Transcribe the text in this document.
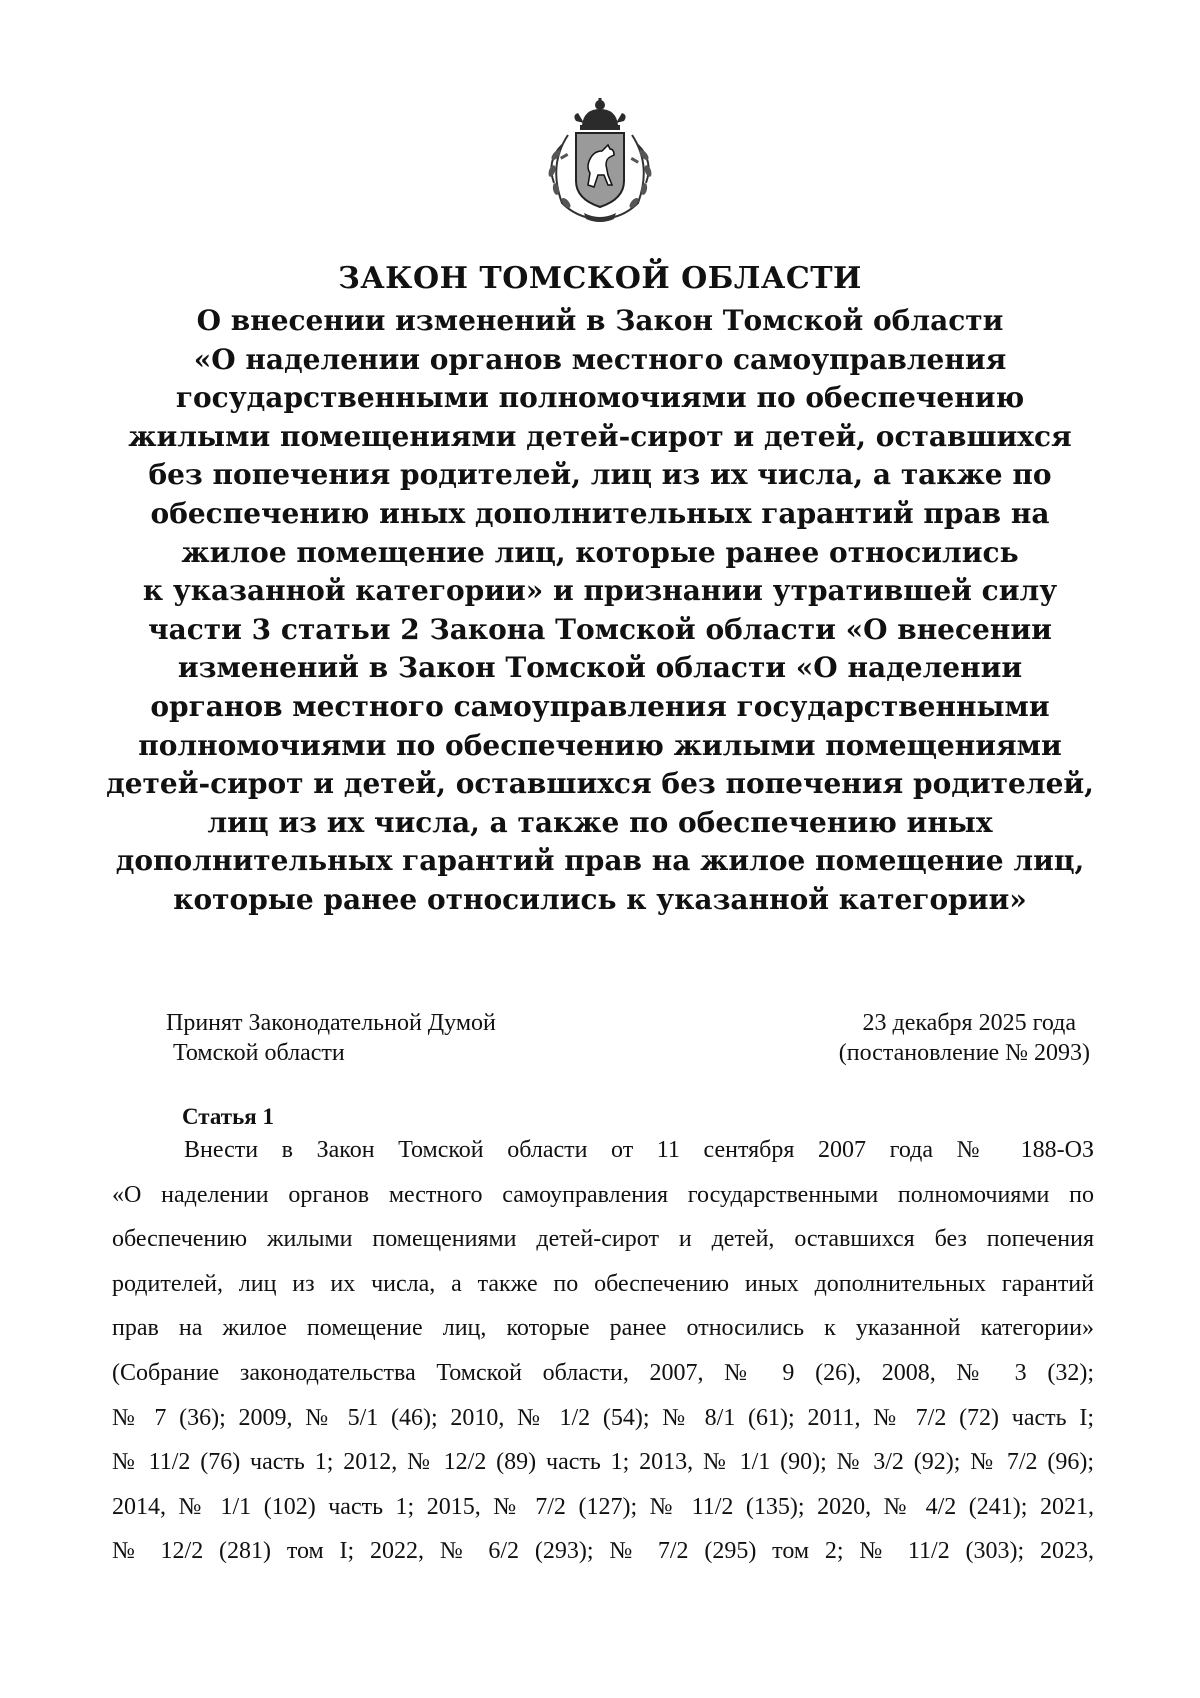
ЗАКОН ТОМСКОЙ ОБЛАСТИ

О внесении изменений в Закон Томской области
«О наделении органов местного самоуправления
государственными полномочиями по обеспечению
жилыми помещениями детей-сирот и детей, оставшихся
без попечения родителей, лиц из их числа, а также по
обеспечению иных дополнительных гарантий прав на
жилое помещение лиц, которые ранее относились
к указанной категории» и признании утратившей силу
части 3 статьи 2 Закона Томской области «О внесении
изменений в Закон Томской области «О наделении
органов местного самоуправления государственными
полномочиями по обеспечению жилыми помещениями
детей-сирот и детей, оставшихся без попечения родителей,
лиц из их числа, а также по обеспечению иных
дополнительных гарантий прав на жилое помещение лиц,
которые ранее относились к указанной категории»

Принят Законодательной Думой
Томской области
23 декабря 2025 года
(постановление № 2093)
Статья 1
Внести в Закон Томской области от 11 сентября 2007 года № 188-ОЗ
«О наделении органов местного самоуправления государственными полномочиями по
обеспечению жилыми помещениями детей-сирот и детей, оставшихся без попечения
родителей, лиц из их числа, а также по обеспечению иных дополнительных гарантий
прав на жилое помещение лиц, которые ранее относились к указанной категории»
(Собрание законодательства Томской области, 2007, № 9 (26), 2008, № 3 (32);
№ 7 (36); 2009, № 5/1 (46); 2010, № 1/2 (54); № 8/1 (61); 2011, № 7/2 (72) часть I;
№ 11/2 (76) часть 1; 2012, № 12/2 (89) часть 1; 2013, № 1/1 (90); № 3/2 (92); № 7/2 (96);
2014, № 1/1 (102) часть 1; 2015, № 7/2 (127); № 11/2 (135); 2020, № 4/2 (241); 2021,
№ 12/2 (281) том I; 2022, № 6/2 (293); № 7/2 (295) том 2; № 11/2 (303); 2023,
